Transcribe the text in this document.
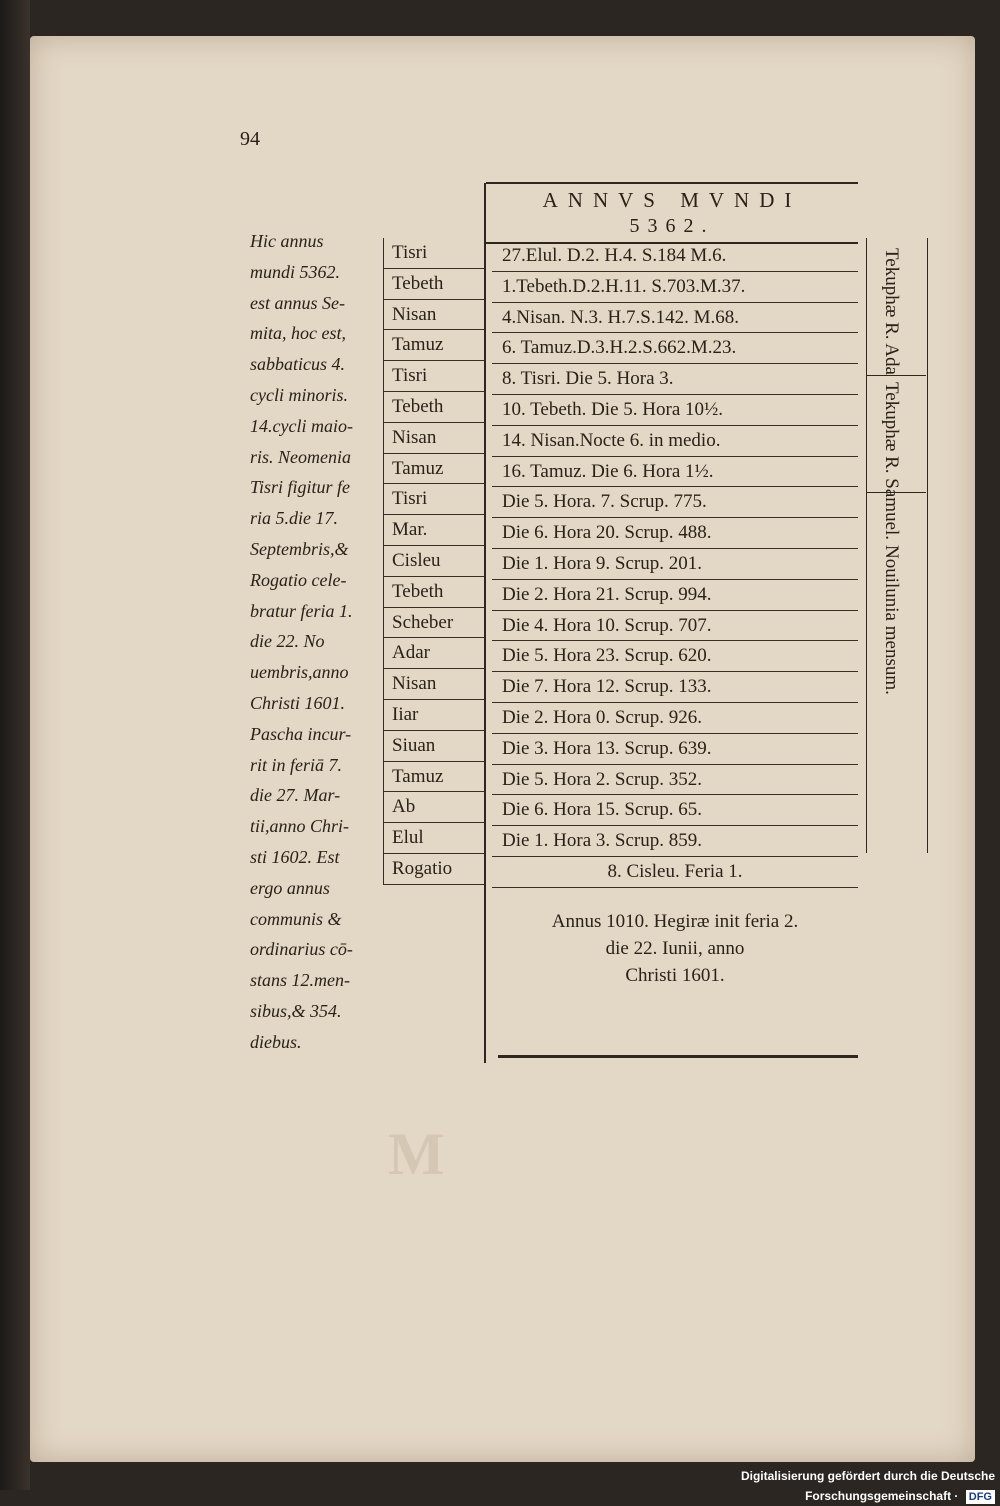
94
Hic annus
mundi 5362.
est annus Se-
mita, hoc est,
sabbaticus 4.
cycli minoris.
14.cycli maio-
ris. Neomenia
Tisri figitur fe
ria 5.die 17.
Septembris,&
Rogatio cele-
bratur feria 1.
die 22. No
uembris,anno
Christi 1601.
Pascha incur-
rit in feriā 7.
die 27. Mar-
tii,anno Chri-
sti 1602. Est
ergo annus
communis &
ordinarius cō-
stans 12.men-
sibus,& 354.
diebus.
Tisri
Tebeth
Nisan
Tamuz
Tisri
Tebeth
Nisan
Tamuz
Tisri
Mar.
Cisleu
Tebeth
Scheber
Adar
Nisan
Iiar
Siuan
Tamuz
Ab
Elul
Rogatio
ANNVS MVNDI
5362.
27.Elul. D.2. H.4. S.184 M.6.
1.Tebeth.D.2.H.11. S.703.M.37.
4.Nisan. N.3. H.7.S.142. M.68.
6. Tamuz.D.3.H.2.S.662.M.23.
8. Tisri. Die 5. Hora 3.
10. Tebeth. Die 5. Hora 10½.
14. Nisan.Nocte 6. in medio.
16. Tamuz. Die 6. Hora 1½.
Die 5. Hora. 7. Scrup. 775.
Die 6. Hora 20. Scrup. 488.
Die 1. Hora 9. Scrup. 201.
Die 2. Hora 21. Scrup. 994.
Die 4. Hora 10. Scrup. 707.
Die 5. Hora 23. Scrup. 620.
Die 7. Hora 12. Scrup. 133.
Die 2. Hora 0. Scrup. 926.
Die 3. Hora 13. Scrup. 639.
Die 5. Hora 2. Scrup. 352.
Die 6. Hora 15. Scrup. 65.
Die 1. Hora 3. Scrup. 859.
8. Cisleu. Feria 1.
Tekuphæ R. Ada
Tekuphæ R. Samuel.
Nouilunia mensum.
Annus 1010. Hegiræ init feria 2.
die 22. Iunii, anno
Christi 1601.
M
Digitalisierung gefördert durch die Deutsche Forschungsgemeinschaft · DFG
